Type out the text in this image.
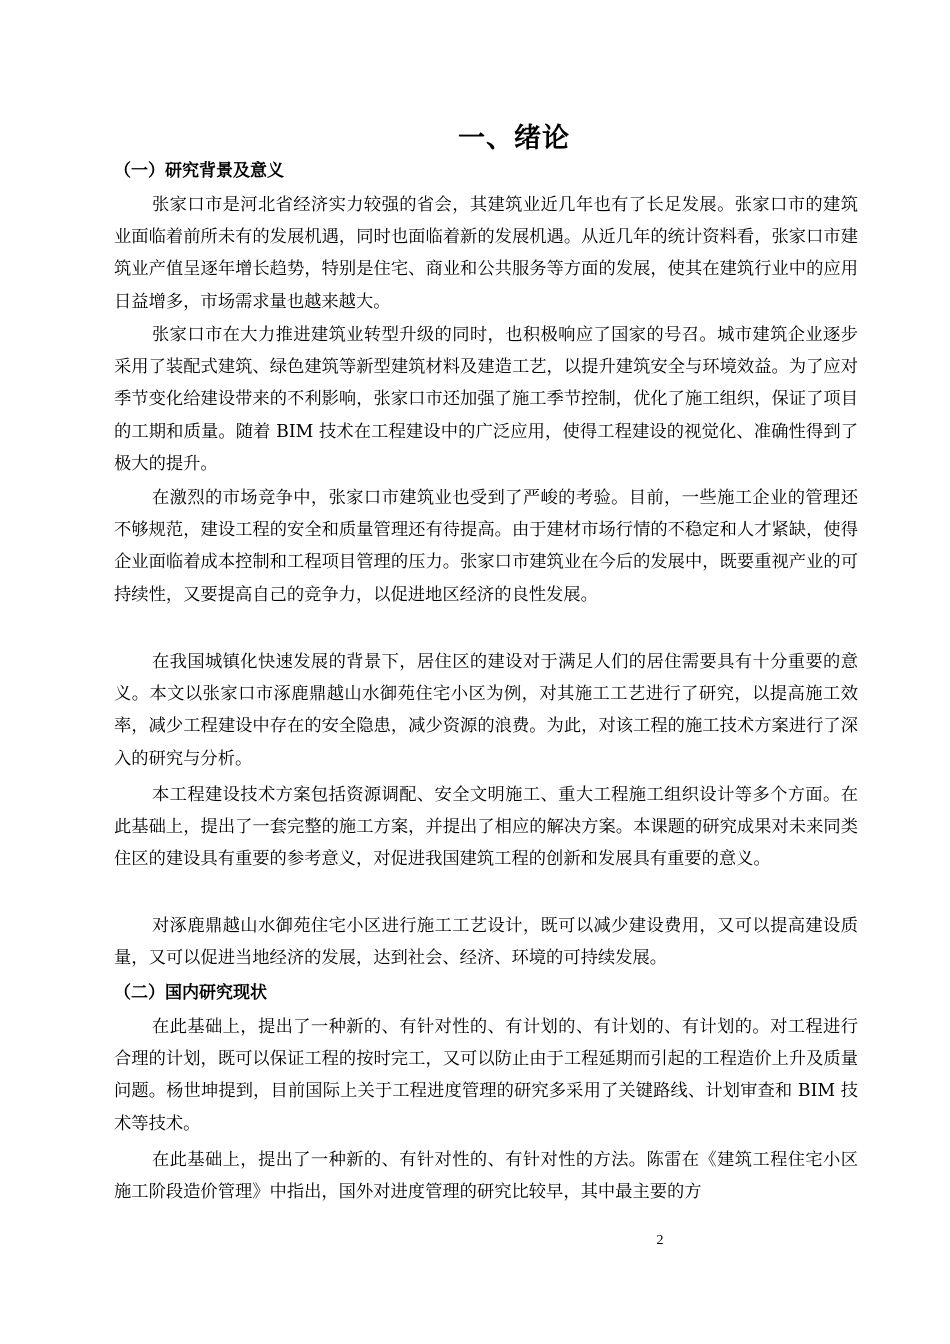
一、绪论
（一）研究背景及意义

张家口市是河北省经济实力较强的省会，其建筑业近几年也有了长足发展。张家口市的建筑业面临着前所未有的发展机遇，同时也面临着新的发展机遇。从近几年的统计资料看，张家口市建筑业产值呈逐年增长趋势，特别是住宅、商业和公共服务等方面的发展，使其在建筑行业中的应用日益增多，市场需求量也越来越大。

张家口市在大力推进建筑业转型升级的同时，也积极响应了国家的号召。城市建筑企业逐步采用了装配式建筑、绿色建筑等新型建筑材料及建造工艺，以提升建筑安全与环境效益。为了应对季节变化给建设带来的不利影响，张家口市还加强了施工季节控制，优化了施工组织，保证了项目的工期和质量。随着 BIM 技术在工程建设中的广泛应用，使得工程建设的视觉化、准确性得到了极大的提升。

在激烈的市场竞争中，张家口市建筑业也受到了严峻的考验。目前，一些施工企业的管理还不够规范，建设工程的安全和质量管理还有待提高。由于建材市场行情的不稳定和人才紧缺，使得企业面临着成本控制和工程项目管理的压力。张家口市建筑业在今后的发展中，既要重视产业的可持续性，又要提高自己的竞争力，以促进地区经济的良性发展。

在我国城镇化快速发展的背景下，居住区的建设对于满足人们的居住需要具有十分重要的意义。本文以张家口市涿鹿鼎越山水御苑住宅小区为例，对其施工工艺进行了研究，以提高施工效率，减少工程建设中存在的安全隐患，减少资源的浪费。为此，对该工程的施工技术方案进行了深入的研究与分析。

本工程建设技术方案包括资源调配、安全文明施工、重大工程施工组织设计等多个方面。在此基础上，提出了一套完整的施工方案，并提出了相应的解决方案。本课题的研究成果对未来同类住区的建设具有重要的参考意义，对促进我国建筑工程的创新和发展具有重要的意义。

对涿鹿鼎越山水御苑住宅小区进行施工工艺设计，既可以减少建设费用，又可以提高建设质量，又可以促进当地经济的发展，达到社会、经济、环境的可持续发展。

（二）国内研究现状

在此基础上，提出了一种新的、有针对性的、有计划的、有计划的、有计划的。对工程进行合理的计划，既可以保证工程的按时完工，又可以防止由于工程延期而引起的工程造价上升及质量问题。杨世坤提到，目前国际上关于工程进度管理的研究多采用了关键路线、计划审查和 BIM 技术等技术。

在此基础上，提出了一种新的、有针对性的、有针对性的方法。陈雷在《建筑工程住宅小区施工阶段造价管理》中指出，国外对进度管理的研究比较早，其中最主要的方

2
